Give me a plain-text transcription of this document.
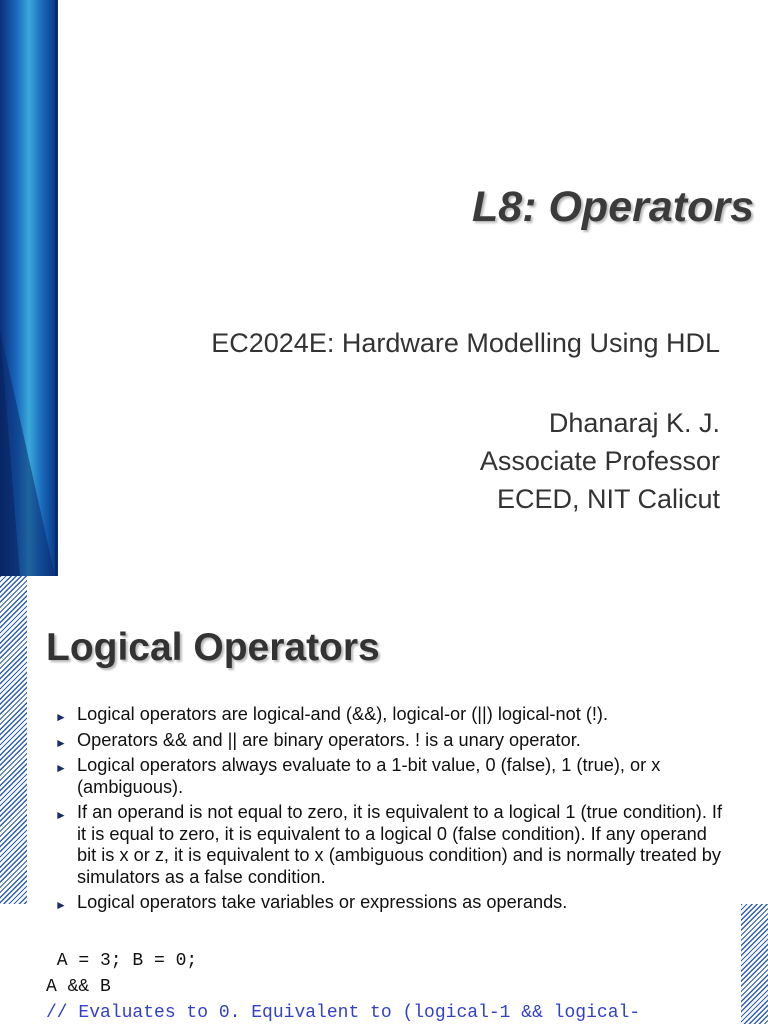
L8: Operators
EC2024E: Hardware Modelling Using HDL
Dhanaraj K. J.
Associate Professor
ECED, NIT Calicut
Logical Operators
► Logical operators are logical-and (&&), logical-or (||) logical-not (!).
► Operators && and || are binary operators. ! is a unary operator.
► Logical operators always evaluate to a 1-bit value, 0 (false), 1 (true), or x (ambiguous).
► If an operand is not equal to zero, it is equivalent to a logical 1 (true condition). If it is equal to zero, it is equivalent to a logical 0 (false condition). If any operand bit is x or z, it is equivalent to x (ambiguous condition) and is normally treated by simulators as a false condition.
► Logical operators take variables or expressions as operands.
A = 3; B = 0;
A && B
// Evaluates to 0. Equivalent to (logical-1 && logical-
